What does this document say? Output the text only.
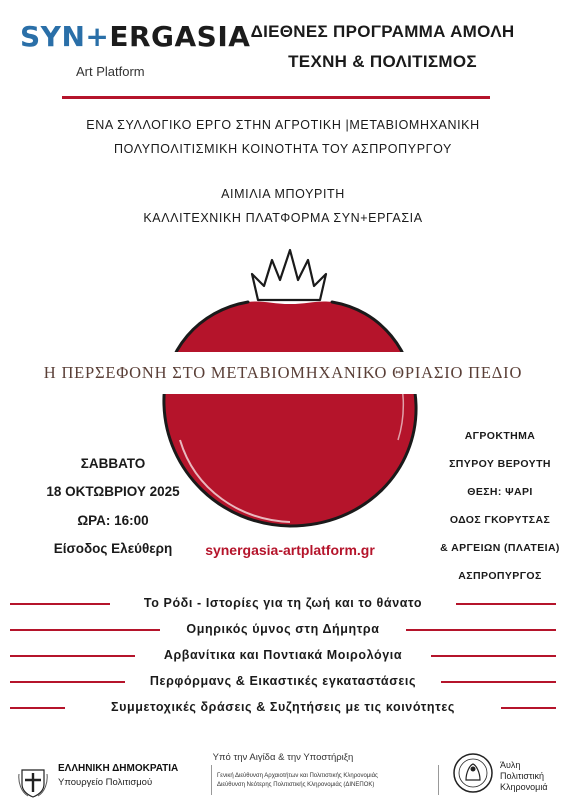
SYN+ERGASIA
Art Platform
ΔΙΕΘΝΕΣ ΠΡΟΓΡΑΜΜΑ ΑΜΟΛΗ
ΤΕΧΝΗ & ΠΟΛΙΤΙΣΜΟΣ
ΕΝΑ ΣΥΛΛΟΓΙΚΟ ΕΡΓΟ ΣΤΗΝ ΑΓΡΟΤΙΚΗ |ΜΕΤΑΒΙΟΜΗΧΑΝΙΚΗ
ΠΟΛΥΠΟΛΙΤΙΣΜΙΚΗ ΚΟΙΝΟΤΗΤΑ ΤΟΥ ΑΣΠΡΟΠΥΡΓΟΥ
ΑΙΜΙΛΙΑ ΜΠΟΥΡΙΤΗ
ΚΑΛΛΙΤΕΧΝΙΚΗ ΠΛΑΤΦΟΡΜΑ ΣΥΝ+ΕΡΓΑΣΙΑ
Η ΠΕΡΣΕΦΟΝΗ ΣΤΟ ΜΕΤΑΒΙΟΜΗΧΑΝΙΚΟ ΘΡΙΑΣΙΟ ΠΕΔΙΟ
ΣΑΒΒΑΤΟ
18 ΟΚΤΩΒΡΙΟΥ 2025
ΩΡΑ: 16:00
Είσοδος Ελεύθερη
ΑΓΡΟΚΤΗΜΑ
ΣΠΥΡΟΥ ΒΕΡΟΥΤΗ
ΘΕΣΗ: ΨΑΡΙ
ΟΔΟΣ ΓΚΟΡΥΤΣΑΣ
& ΑΡΓΕΙΩΝ (ΠΛΑΤΕΙΑ)
ΑΣΠΡΟΠΥΡΓΟΣ
synergasia-artplatform.gr
Το Ρόδι - Ιστορίες για τη ζωή και το θάνατο
Ομηρικός ύμνος στη Δήμητρα
Αρβανίτικα και Ποντιακά Μοιρολόγια
Περφόρμανς & Εικαστικές εγκαταστάσεις
Συμμετοχικές δράσεις & Συζητήσεις με τις κοινότητες
Υπό την Αιγίδα & την Υποστήριξη
ΕΛΛΗΝΙΚΗ ΔΗΜΟΚΡΑΤΙΑ
Υπουργείο Πολιτισμού
Γενική Διεύθυνση Αρχαιοτήτων και Πολιτιστικής Κληρονομιάς
Διεύθυνση Νεότερης Πολιτιστικής Κληρονομιάς (ΔΙΝΕΠΟΚ)
Άυλη
Πολιτιστική
Κληρονομιά
